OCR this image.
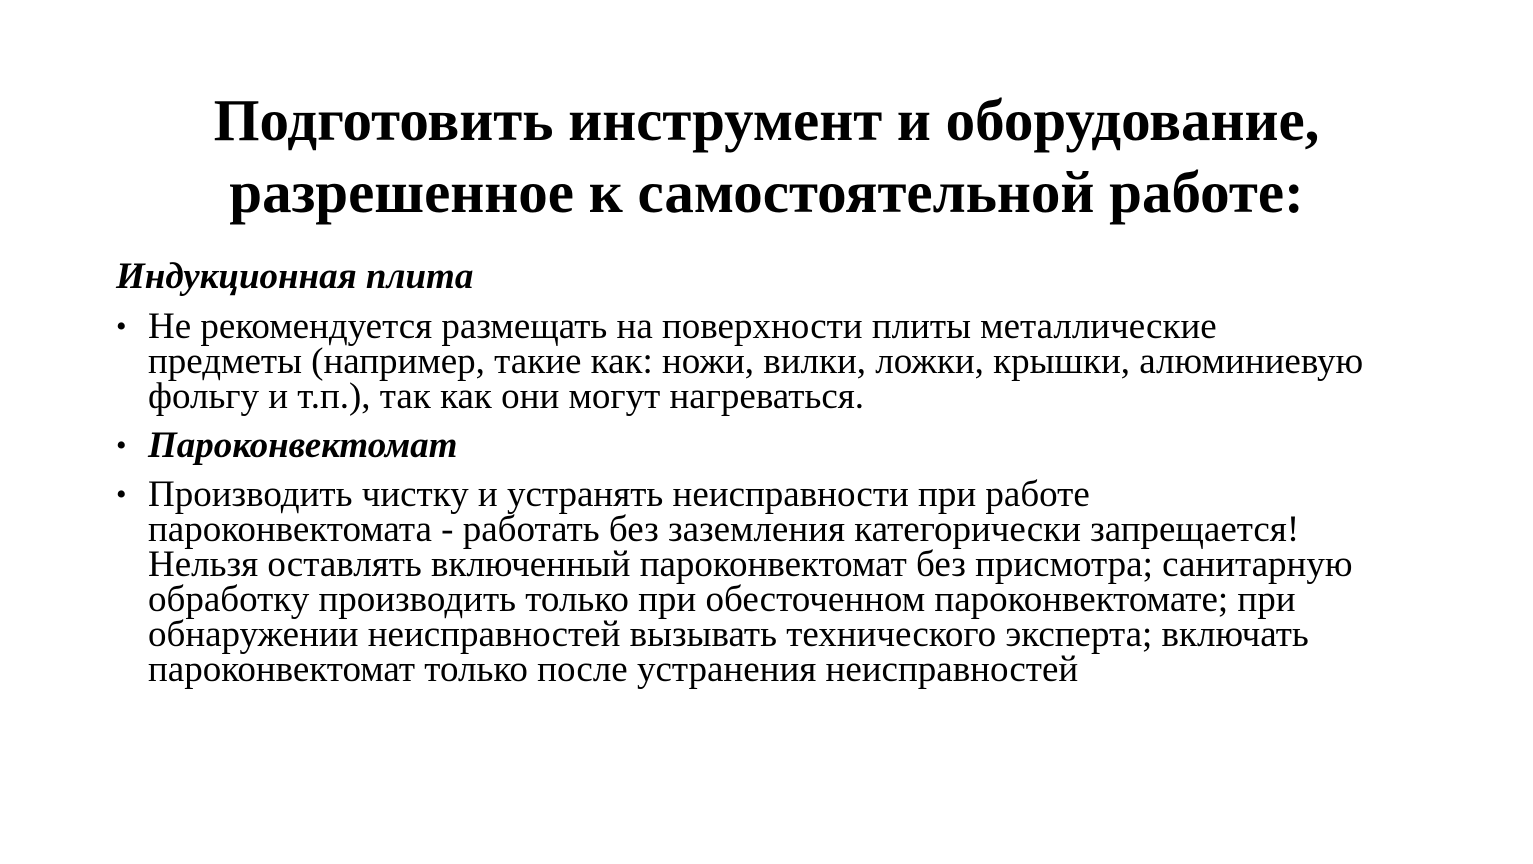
Подготовить инструмент и оборудование,
разрешенное к самостоятельной работе:

Индукционная плита

• Не рекомендуется размещать на поверхности плиты металлические предметы (например, такие как: ножи, вилки, ложки, крышки, алюминиевую фольгу и т.п.), так как они могут нагреваться.
• Пароконвектомат
• Производить чистку и устранять неисправности при работе пароконвектомата - работать без заземления категорически запрещается! Нельзя оставлять включенный пароконвектомат без присмотра; санитарную обработку производить только при обесточенном пароконвектомате; при обнаружении неисправностей вызывать технического эксперта; включать пароконвектомат только после устранения неисправностей
